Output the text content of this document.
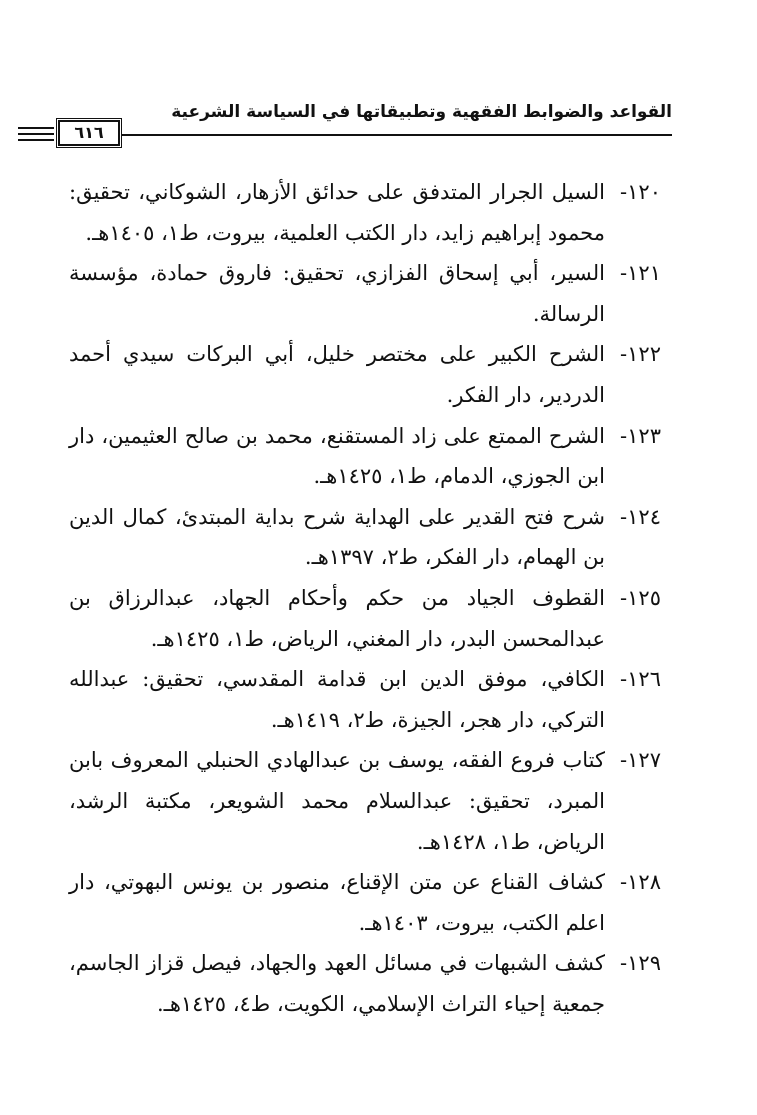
القواعد والضوابط الفقهية وتطبيقاتها في السياسة الشرعية
٦١٦
١٢٠-
السيل الجرار المتدفق على حدائق الأزهار، الشوكاني، تحقيق: محمود إبراهيم زايد، دار الكتب العلمية، بيروت، ط١، ١٤٠٥هـ.
١٢١-
السير، أبي إسحاق الفزازي، تحقيق: فاروق حمادة، مؤسسة الرسالة.
١٢٢-
الشرح الكبير على مختصر خليل، أبي البركات سيدي أحمد الدردير، دار الفكر.
١٢٣-
الشرح الممتع على زاد المستقنع، محمد بن صالح العثيمين، دار ابن الجوزي، الدمام، ط١، ١٤٢٥هـ.
١٢٤-
شرح فتح القدير على الهداية شرح بداية المبتدئ، كمال الدين بن الهمام، دار الفكر، ط٢، ١٣٩٧هـ.
١٢٥-
القطوف الجياد من حكم وأحكام الجهاد، عبدالرزاق بن عبدالمحسن البدر، دار المغني، الرياض، ط١، ١٤٢٥هـ.
١٢٦-
الكافي، موفق الدين ابن قدامة المقدسي، تحقيق: عبدالله التركي، دار هجر، الجيزة، ط٢، ١٤١٩هـ.
١٢٧-
كتاب فروع الفقه، يوسف بن عبدالهادي الحنبلي المعروف بابن المبرد، تحقيق: عبدالسلام محمد الشويعر، مكتبة الرشد، الرياض، ط١، ١٤٢٨هـ.
١٢٨-
كشاف القناع عن متن الإقناع، منصور بن يونس البهوتي، دار اعلم الكتب، بيروت، ١٤٠٣هـ.
١٢٩-
كشف الشبهات في مسائل العهد والجهاد، فيصل قزاز الجاسم، جمعية إحياء التراث الإسلامي، الكويت، ط٤، ١٤٢٥هـ.
